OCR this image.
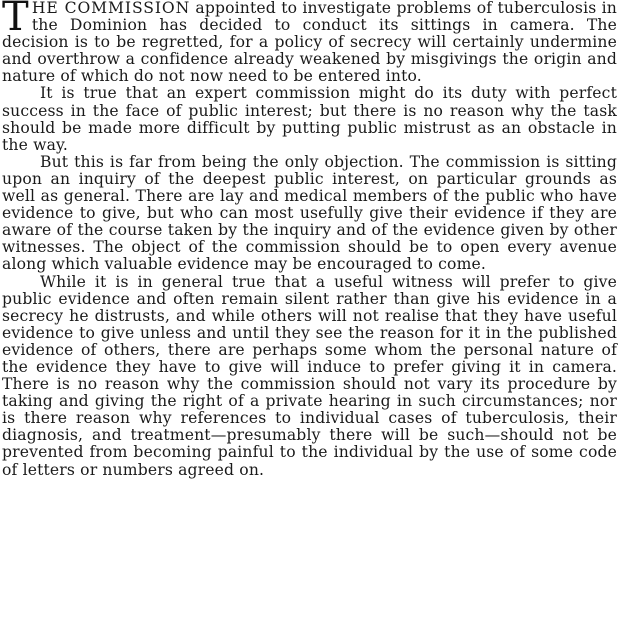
THE COMMISSION appointed to investigate problems of tuberculosis in the Dominion has decided to conduct its sittings in camera. The decision is to be regretted, for a policy of secrecy will certainly undermine and overthrow a confidence already weakened by misgivings the origin and nature of which do not now need to be entered into.

It is true that an expert commission might do its duty with perfect success in the face of public interest; but there is no reason why the task should be made more difficult by putting public mistrust as an obstacle in the way.

But this is far from being the only objection. The commission is sitting upon an inquiry of the deepest public interest, on particular grounds as well as general. There are lay and medical members of the public who have evidence to give, but who can most usefully give their evidence if they are aware of the course taken by the inquiry and of the evidence given by other witnesses. The object of the commission should be to open every avenue along which valuable evidence may be encouraged to come.

While it is in general true that a useful witness will prefer to give public evidence and often remain silent rather than give his evidence in a secrecy he distrusts, and while others will not realise that they have useful evidence to give unless and until they see the reason for it in the published evidence of others, there are perhaps some whom the personal nature of the evidence they have to give will induce to prefer giving it in camera. There is no reason why the commission should not vary its procedure by taking and giving the right of a private hearing in such circumstances; nor is there reason why references to individual cases of tuberculosis, their diagnosis, and treatment—presumably there will be such—should not be prevented from becoming painful to the individual by the use of some code of letters or numbers agreed on.
